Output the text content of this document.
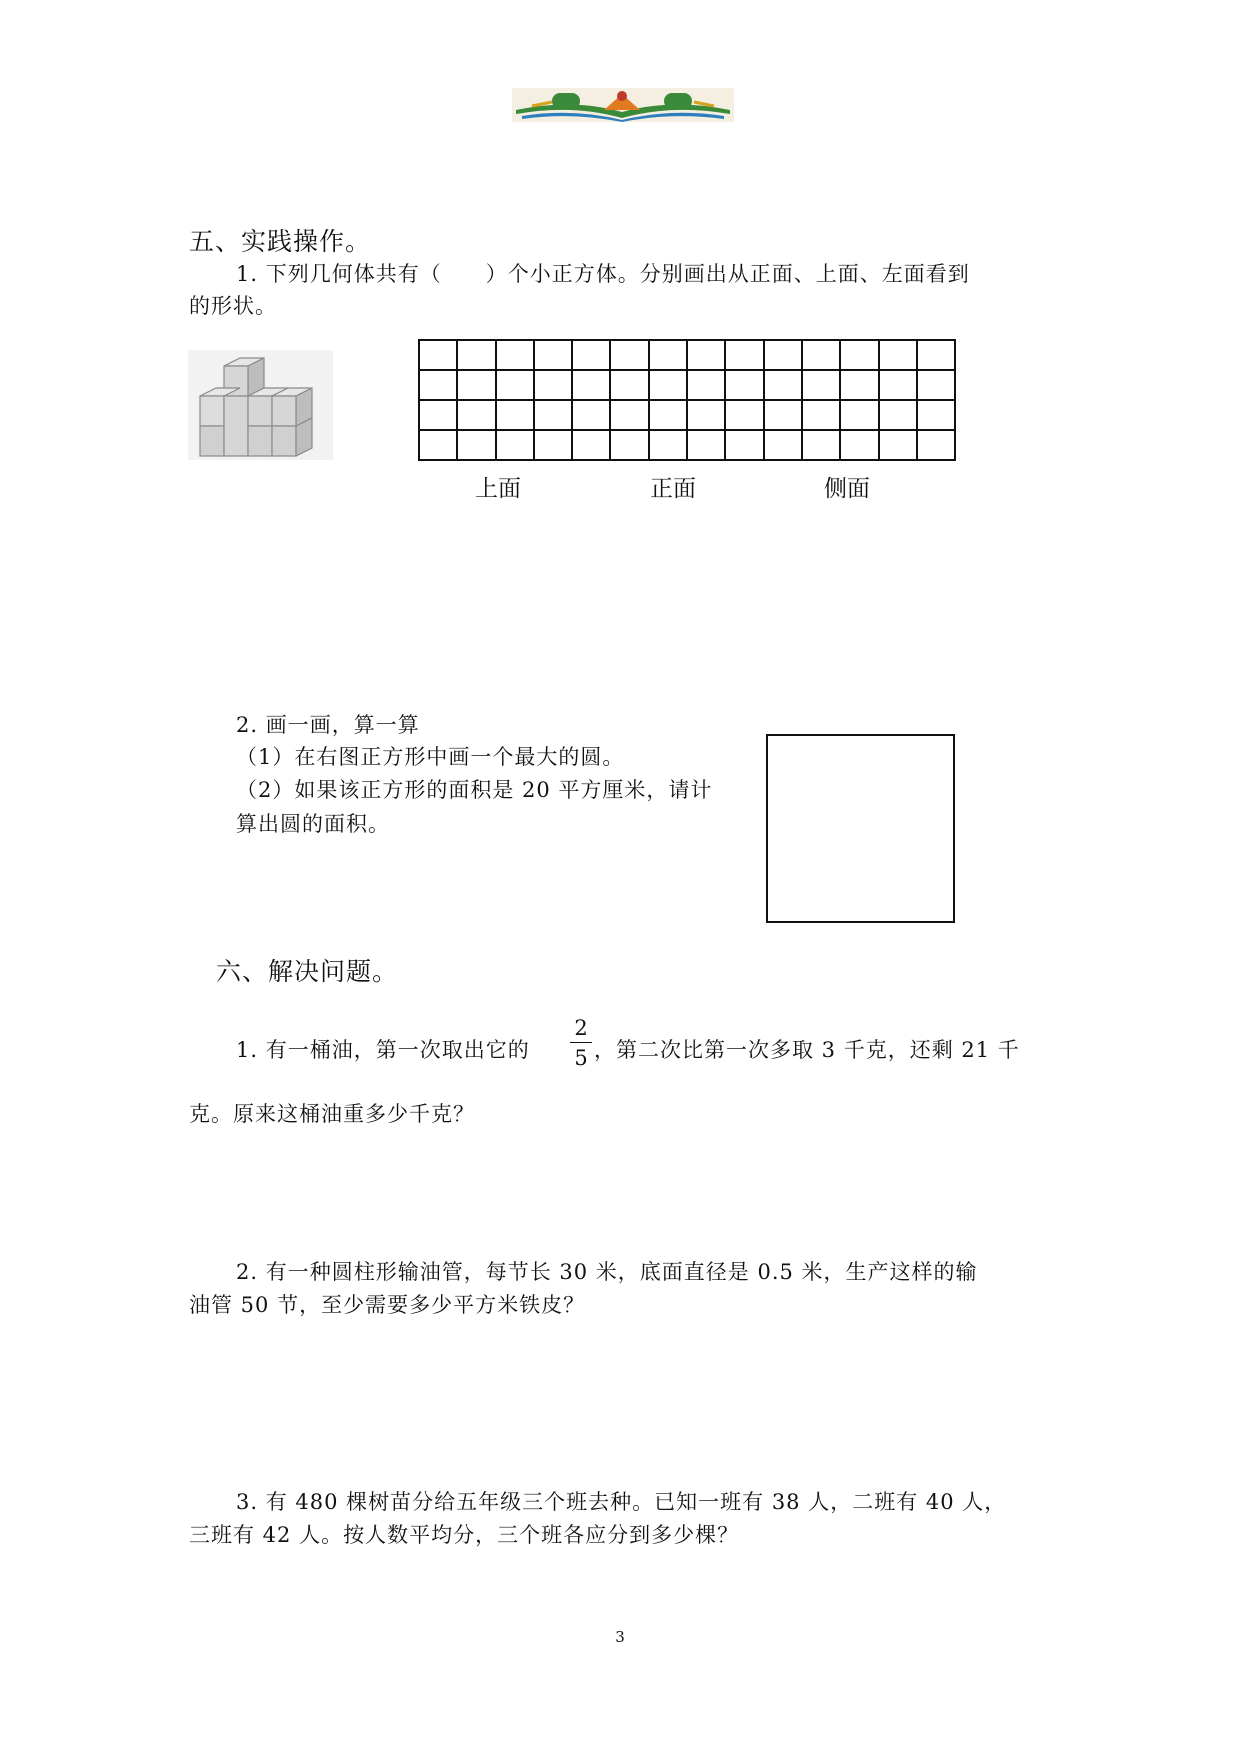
五、实践操作。
1. 下列几何体共有（　　）个小正方体。分别画出从正面、上面、左面看到
的形状。

上面	正面	侧面
2. 画一画，算一算
（1）在右图正方形中画一个最大的圆。
（2）如果该正方形的面积是 20 平方厘米，请计
算出圆的面积。
六、解决问题。
1. 有一桶油，第一次取出它的
2
5 ，第二次比第一次多取 3 千克，还剩 21 千
克。原来这桶油重多少千克？
2. 有一种圆柱形输油管，每节长 30 米，底面直径是 0.5 米，生产这样的输
油管 50 节，至少需要多少平方米铁皮？
3. 有 480 棵树苗分给五年级三个班去种。已知一班有 38 人，二班有 40 人，
三班有 42 人。按人数平均分，三个班各应分到多少棵？
3
